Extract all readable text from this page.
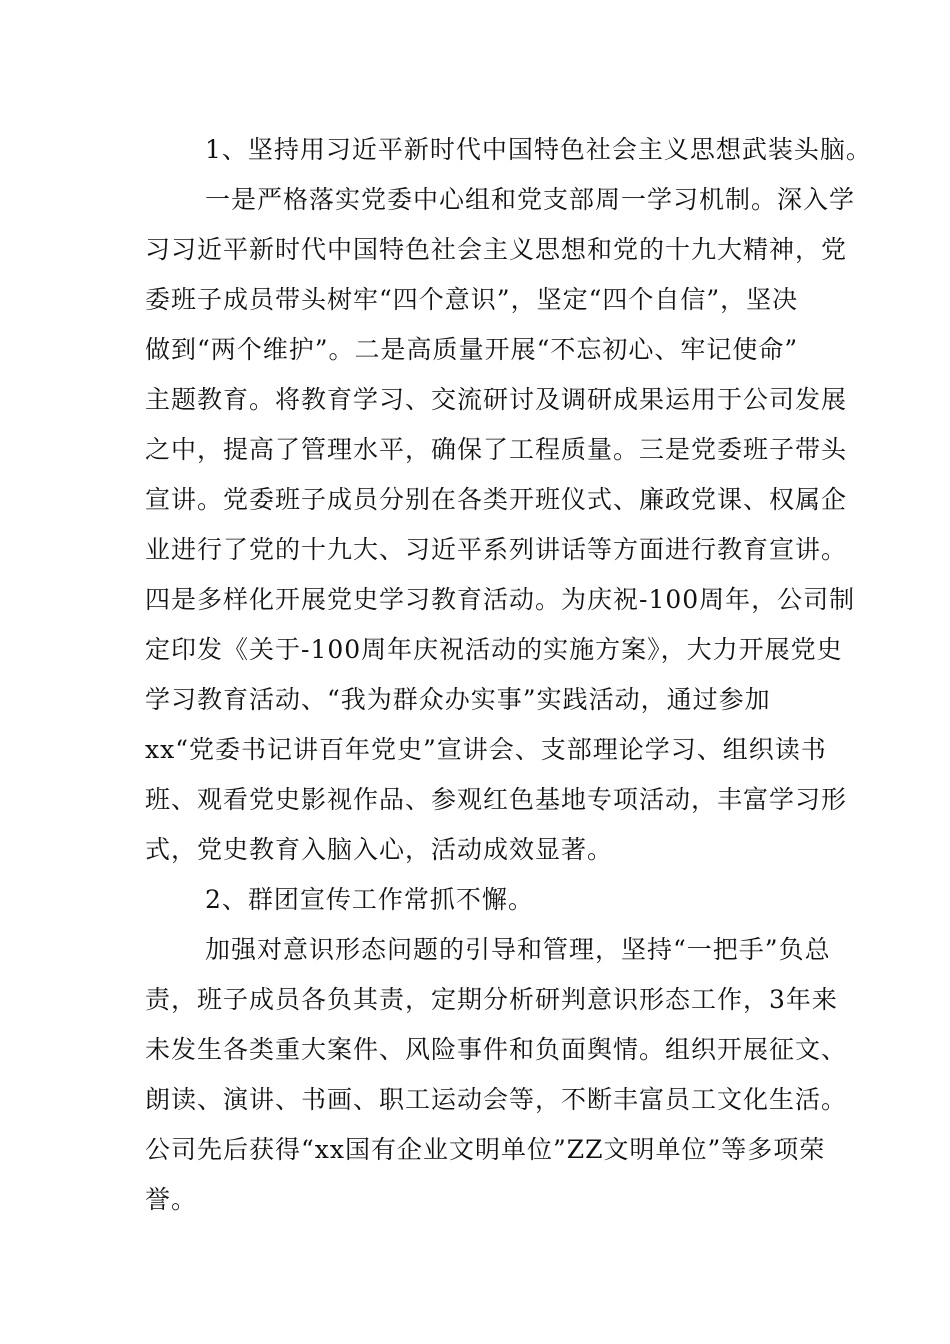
1、坚持用习近平新时代中国特色社会主义思想武装头脑。
一是严格落实党委中心组和党支部周一学习机制。深入学
习习近平新时代中国特色社会主义思想和党的十九大精神，党
委班子成员带头树牢“四个意识”，坚定“四个自信”，坚决
做到“两个维护”。二是高质量开展“不忘初心、牢记使命”
主题教育。将教育学习、交流研讨及调研成果运用于公司发展
之中，提高了管理水平，确保了工程质量。三是党委班子带头
宣讲。党委班子成员分别在各类开班仪式、廉政党课、权属企
业进行了党的十九大、习近平系列讲话等方面进行教育宣讲。
四是多样化开展党史学习教育活动。为庆祝-100周年，公司制
定印发《关于-100周年庆祝活动的实施方案》，大力开展党史
学习教育活动、“我为群众办实事”实践活动，通过参加
xx“党委书记讲百年党史”宣讲会、支部理论学习、组织读书
班、观看党史影视作品、参观红色基地专项活动，丰富学习形
式，党史教育入脑入心，活动成效显著。
2、群团宣传工作常抓不懈。
加强对意识形态问题的引导和管理，坚持“一把手”负总
责，班子成员各负其责，定期分析研判意识形态工作，3年来
未发生各类重大案件、风险事件和负面舆情。组织开展征文、
朗读、演讲、书画、职工运动会等，不断丰富员工文化生活。
公司先后获得“xx国有企业文明单位”ZZ文明单位”等多项荣
誉。
